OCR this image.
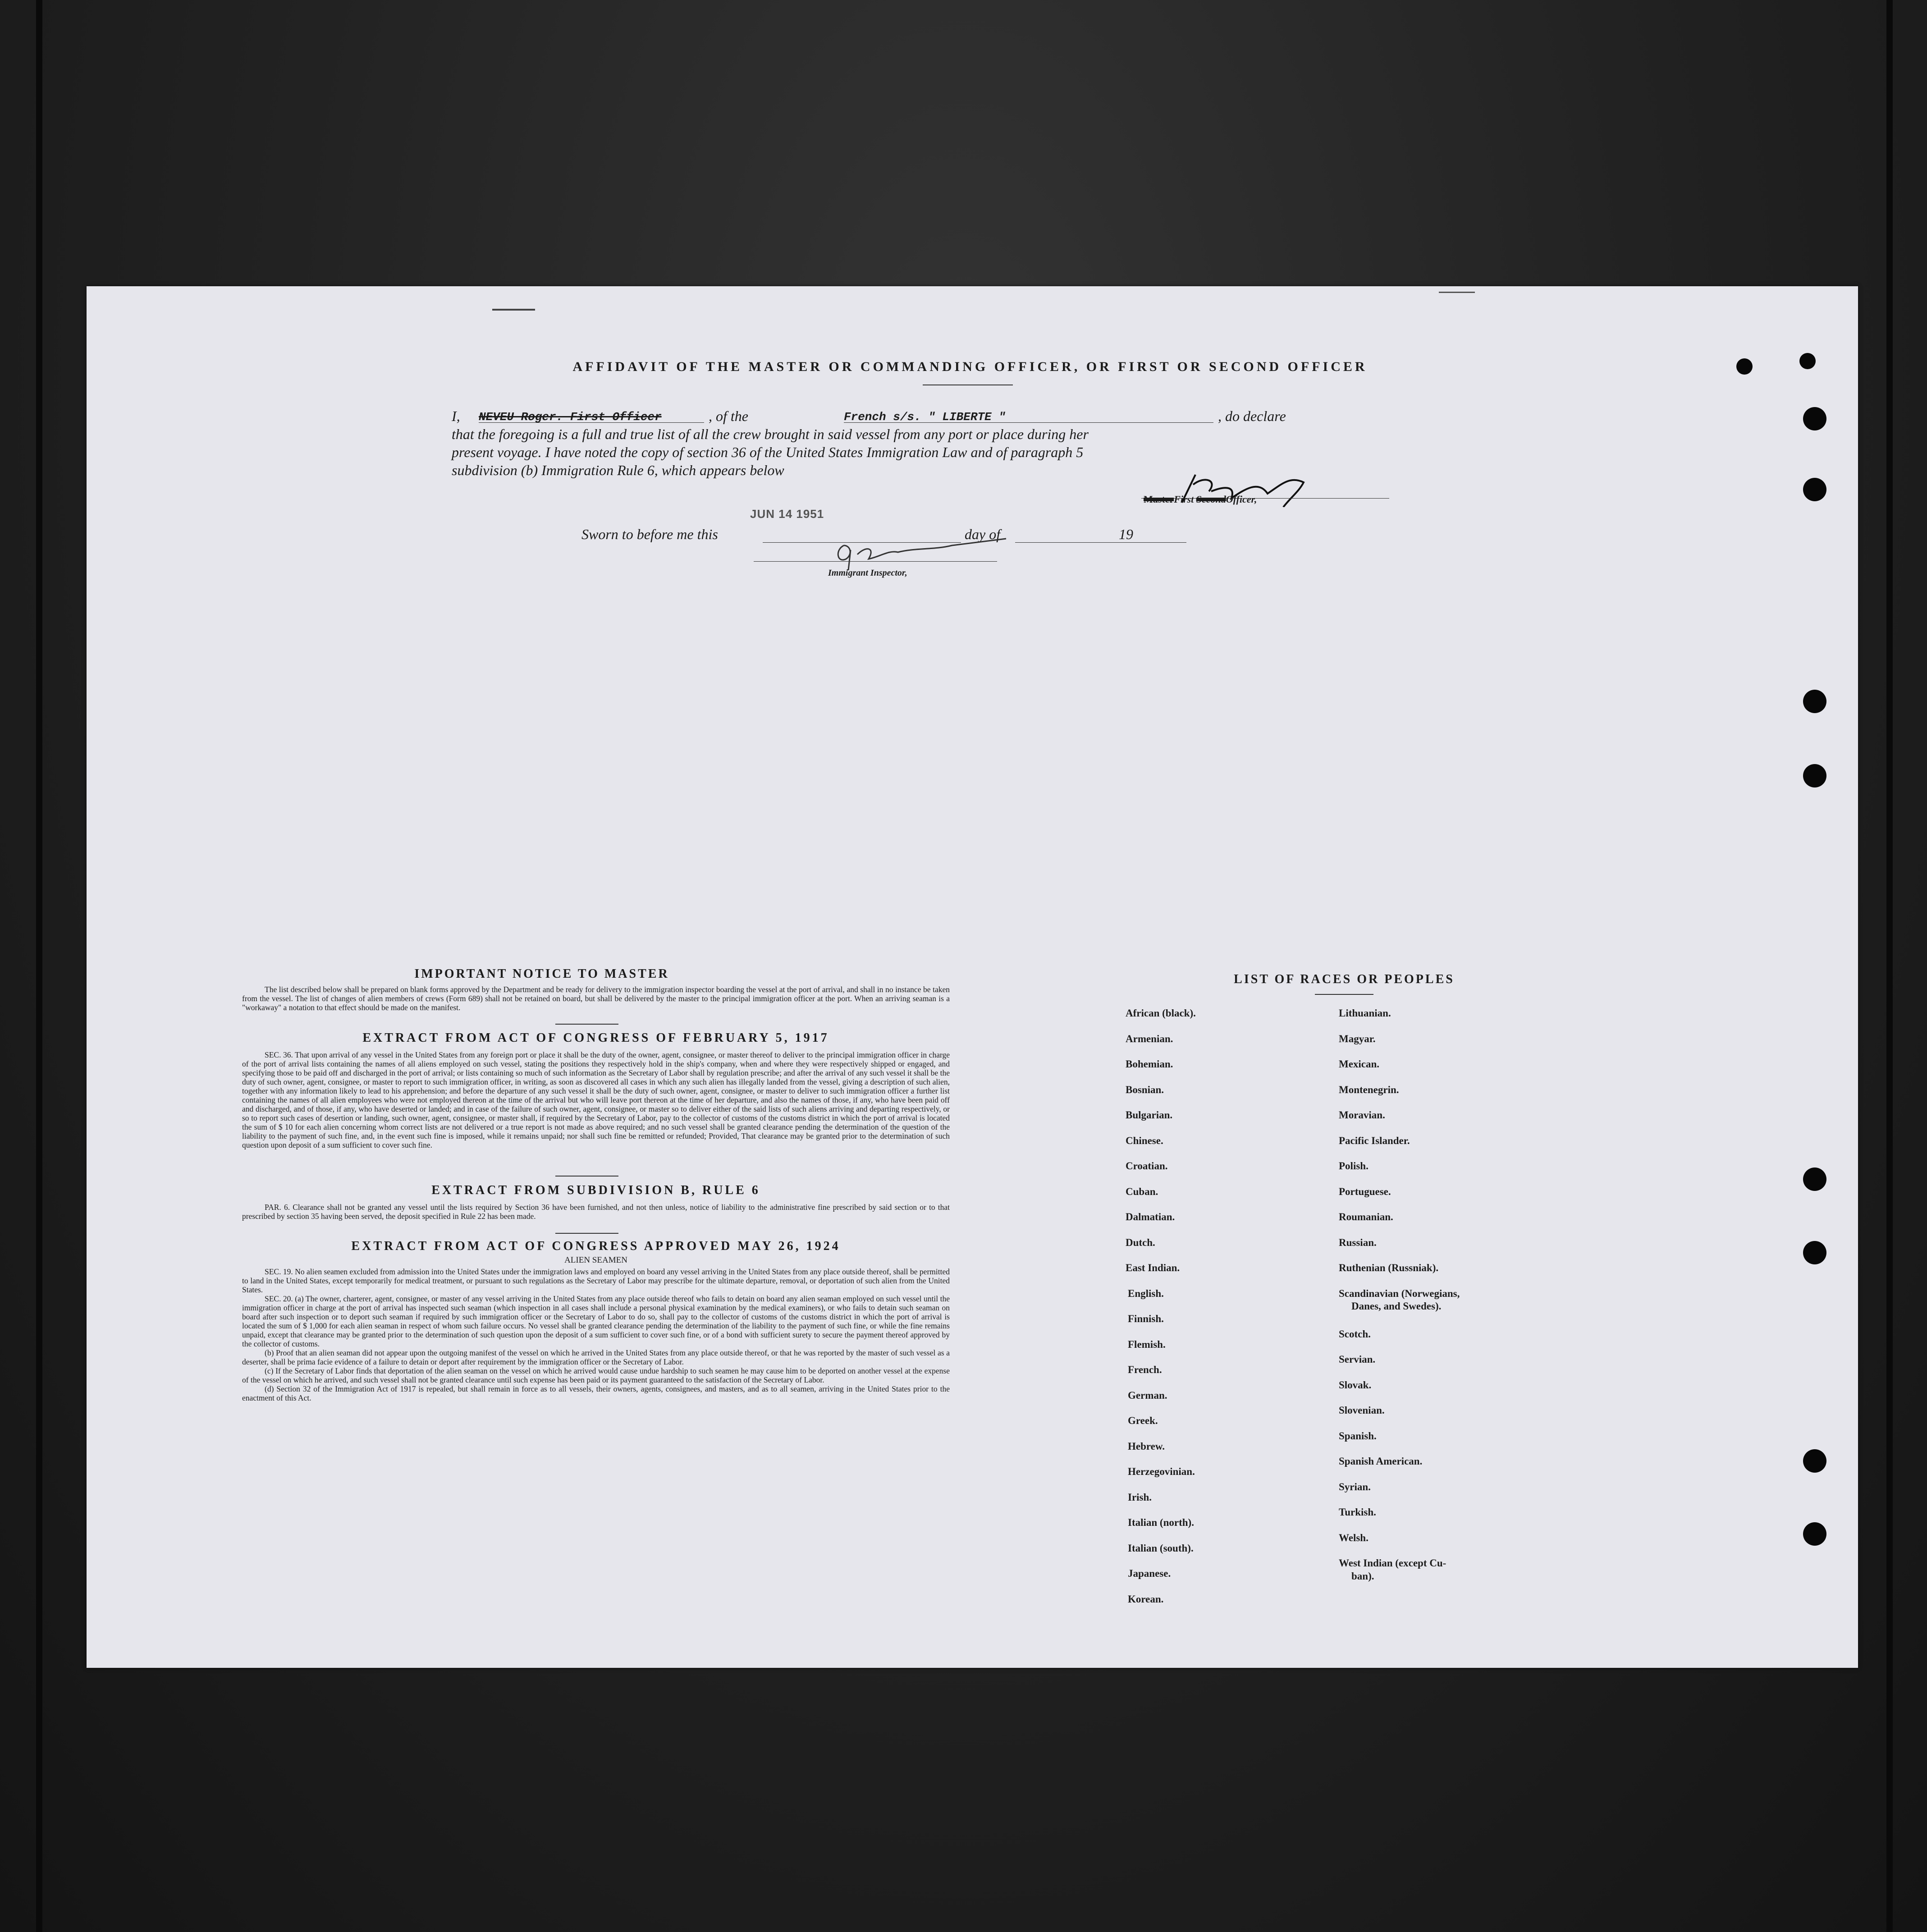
AFFIDAVIT OF THE MASTER OR COMMANDING OFFICER, OR FIRST OR SECOND OFFICER
I, NEVEU Roger. First Officer	, of the	French s/s. " LIBERTE "	, do declare
that the foregoing is a full and true list of all the crew brought in said vessel from any port or place during her
present voyage. I have noted the copy of section 36 of the United States Immigration Law and of paragraph 5
subdivision (b) Immigration Rule 6, which appears below
MasterFirst SecondOfficer,
JUN 14 1951
Sworn to before me this	day of	19
Immigrant Inspector,
IMPORTANT NOTICE TO MASTER
The list described below shall be prepared on blank forms approved by the Department and be ready for delivery to the immigration inspector boarding the vessel at the port of arrival, and shall in no instance be taken from the vessel. The list of changes of alien members of crews (Form 689) shall not be retained on board, but shall be delivered by the master to the principal immigration officer at the port. When an arriving seaman is a "workaway" a notation to that effect should be made on the manifest.
EXTRACT FROM ACT OF CONGRESS OF FEBRUARY 5, 1917
SEC. 36. That upon arrival of any vessel in the United States from any foreign port or place it shall be the duty of the owner, agent, consignee, or master thereof to deliver to the principal immigration officer in charge of the port of arrival lists containing the names of all aliens employed on such vessel, stating the positions they respectively hold in the ship's company, when and where they were respectively shipped or engaged, and specifying those to be paid off and discharged in the port of arrival; or lists containing so much of such information as the Secretary of Labor shall by regulation prescribe; and after the arrival of any such vessel it shall be the duty of such owner, agent, consignee, or master to report to such immigration officer, in writing, as soon as discovered all cases in which any such alien has illegally landed from the vessel, giving a description of such alien, together with any information likely to lead to his apprehension; and before the departure of any such vessel it shall be the duty of such owner, agent, consignee, or master to deliver to such immigration officer a further list containing the names of all alien employees who were not employed thereon at the time of the arrival but who will leave port thereon at the time of her departure, and also the names of those, if any, who have been paid off and discharged, and of those, if any, who have deserted or landed; and in case of the failure of such owner, agent, consignee, or master so to deliver either of the said lists of such aliens arriving and departing respectively, or so to report such cases of desertion or landing, such owner, agent, consignee, or master shall, if required by the Secretary of Labor, pay to the collector of customs of the customs district in which the port of arrival is located the sum of $ 10 for each alien concerning whom correct lists are not delivered or a true report is not made as above required; and no such vessel shall be granted clearance pending the determination of the question of the liability to the payment of such fine, and, in the event such fine is imposed, while it remains unpaid; nor shall such fine be remitted or refunded; Provided, That clearance may be granted prior to the determination of such question upon deposit of a sum sufficient to cover such fine.
EXTRACT FROM SUBDIVISION B, RULE 6
PAR. 6. Clearance shall not be granted any vessel until the lists required by Section 36 have been furnished, and not then unless, notice of liability to the administrative fine prescribed by said section or to that prescribed by section 35 having been served, the deposit specified in Rule 22 has been made.
EXTRACT FROM ACT OF CONGRESS APPROVED MAY 26, 1924
ALIEN SEAMEN
SEC. 19. No alien seamen excluded from admission into the United States under the immigration laws and employed on board any vessel arriving in the United States from any place outside thereof, shall be permitted to land in the United States, except temporarily for medical treatment, or pursuant to such regulations as the Secretary of Labor may prescribe for the ultimate departure, removal, or deportation of such alien from the United States.
SEC. 20. (a) The owner, charterer, agent, consignee, or master of any vessel arriving in the United States from any place outside thereof who fails to detain on board any alien seaman employed on such vessel until the immigration officer in charge at the port of arrival has inspected such seaman (which inspection in all cases shall include a personal physical examination by the medical examiners), or who fails to detain such seaman on board after such inspection or to deport such seaman if required by such immigration officer or the Secretary of Labor to do so, shall pay to the collector of customs of the customs district in which the port of arrival is located the sum of $ 1,000 for each alien seaman in respect of whom such failure occurs. No vessel shall be granted clearance pending the determination of the liability to the payment of such fine, or while the fine remains unpaid, except that clearance may be granted prior to the determination of such question upon the deposit of a sum sufficient to cover such fine, or of a bond with sufficient surety to secure the payment thereof approved by the collector of customs.
(b) Proof that an alien seaman did not appear upon the outgoing manifest of the vessel on which he arrived in the United States from any place outside thereof, or that he was reported by the master of such vessel as a deserter, shall be prima facie evidence of a failure to detain or deport after requirement by the immigration officer or the Secretary of Labor.
(c) If the Secretary of Labor finds that deportation of the alien seaman on the vessel on which he arrived would cause undue hardship to such seamen he may cause him to be deported on another vessel at the expense of the vessel on which he arrived, and such vessel shall not be granted clearance until such expense has been paid or its payment guaranteed to the satisfaction of the Secretary of Labor.
(d) Section 32 of the Immigration Act of 1917 is repealed, but shall remain in force as to all vessels, their owners, agents, consignees, and masters, and as to all seamen, arriving in the United States prior to the enactment of this Act.
LIST OF RACES OR PEOPLES
African (black).
Armenian.
Bohemian.
Bosnian.
Bulgarian.
Chinese.
Croatian.
Cuban.
Dalmatian.
Dutch.
East Indian.
English.
Finnish.
Flemish.
French.
German.
Greek.
Hebrew.
Herzegovinian.
Irish.
Italian (north).
Italian (south).
Japanese.
Korean.
Lithuanian.
Magyar.
Mexican.
Montenegrin.
Moravian.
Pacific Islander.
Polish.
Portuguese.
Roumanian.
Russian.
Ruthenian (Russniak).
Scandinavian (Norwegians,
Danes, and Swedes).
Scotch.
Servian.
Slovak.
Slovenian.
Spanish.
Spanish American.
Syrian.
Turkish.
Welsh.
West Indian (except Cu-
ban).
